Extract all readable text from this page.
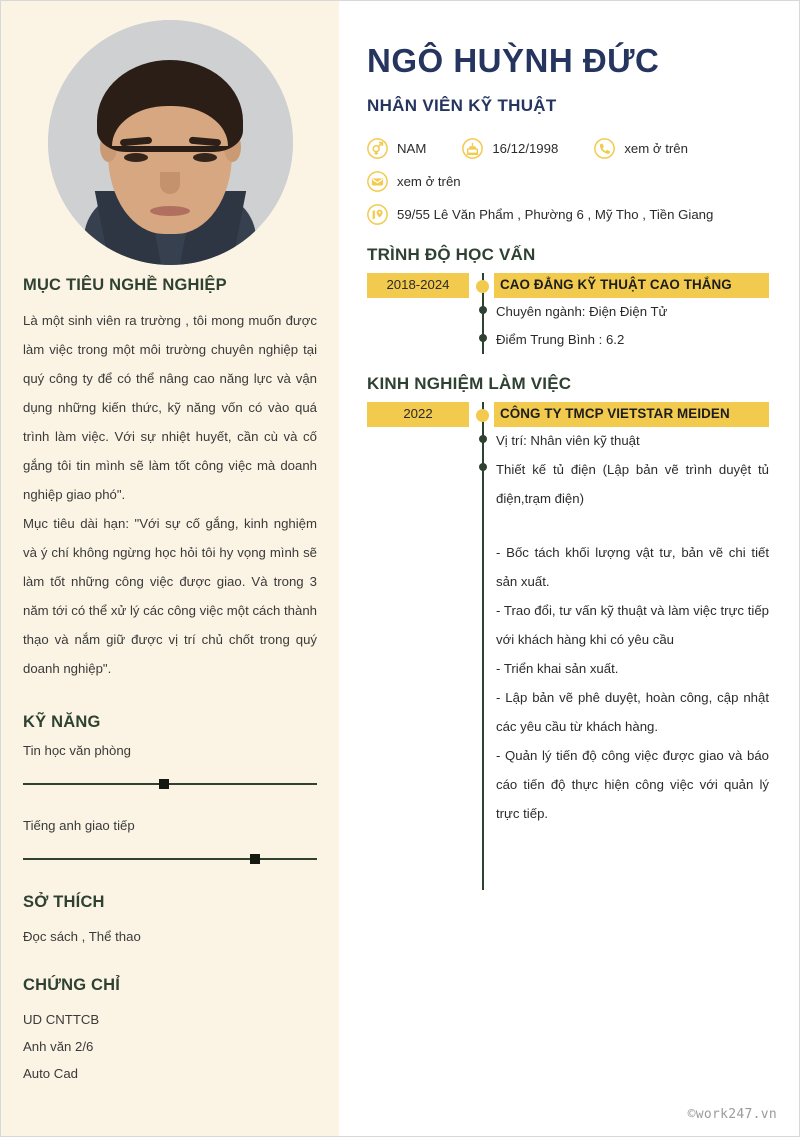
MỤC TIÊU NGHỀ NGHIỆP

Là một sinh viên ra trường , tôi mong muốn được làm việc trong một môi trường chuyên nghiệp tại quý công ty để có thể nâng cao năng lực và vận dụng những kiến thức, kỹ năng vốn có vào quá trình làm việc. Với sự nhiệt huyết, cần cù và cố gắng tôi tin mình sẽ làm tốt công việc mà doanh nghiệp giao phó".

Mục tiêu dài hạn: "Với sự cố gắng, kinh nghiệm và ý chí không ngừng học hỏi tôi hy vọng mình sẽ làm tốt những công việc được giao. Và trong 3 năm tới có thể xử lý các công việc một cách thành thạo và nắm giữ được vị trí chủ chốt trong quý doanh nghiệp".

KỸ NĂNG
Tin học văn phòng
Tiếng anh giao tiếp
SỞ THÍCH
Đọc sách , Thể thao
CHỨNG CHỈ
UD CNTTCB
Anh văn 2/6
Auto Cad
NGÔ HUỲNH ĐỨC
NHÂN VIÊN KỸ THUẬT
NAM	16/12/1998	xem ở trên
xem ở trên
59/55 Lê Văn Phẩm , Phường 6 , Mỹ Tho , Tiền Giang
TRÌNH ĐỘ HỌC VẤN
2018-2024	CAO ĐẲNG KỸ THUẬT CAO THẮNG
Chuyên ngành: Điện Điện Tử
Điểm Trung Bình : 6.2
KINH NGHIỆM LÀM VIỆC
2022	CÔNG TY TMCP VIETSTAR MEIDEN
Vị trí: Nhân viên kỹ thuật
Thiết kế tủ điện (Lập bản vẽ trình duyệt tủ điện,trạm điện)
- Bốc tách khối lượng vật tư, bản vẽ chi tiết sản xuất.
- Trao đổi, tư vấn kỹ thuật và làm việc trực tiếp với khách hàng khi có yêu cầu
- Triển khai sản xuất.
- Lập bản vẽ phê duyệt, hoàn công, cập nhật các yêu cầu từ khách hàng.
- Quản lý tiến độ công việc được giao và báo cáo tiến độ thực hiện công việc với quản lý trực tiếp.
©work247.vn
